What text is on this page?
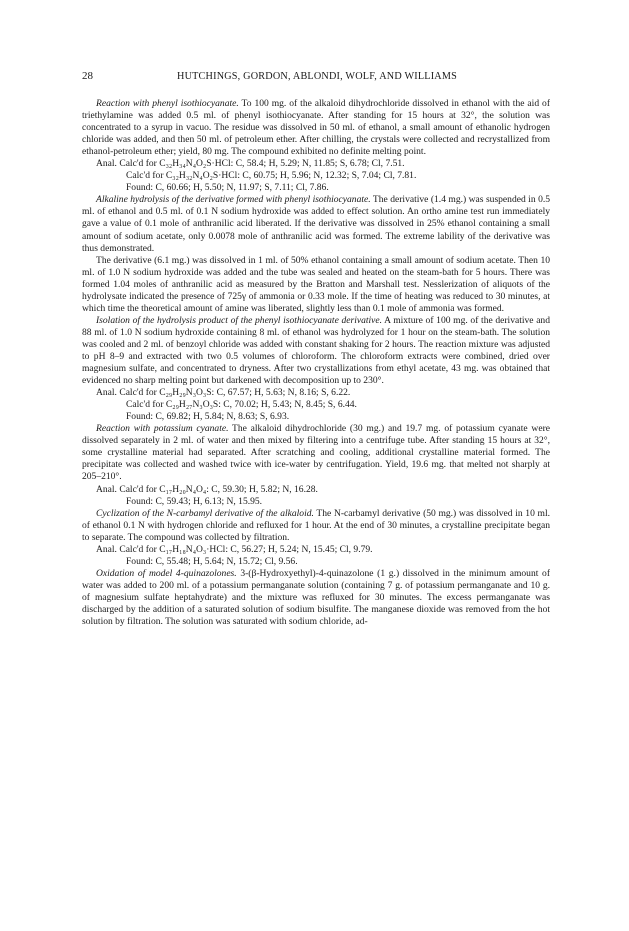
28	HUTCHINGS, GORDON, ABLONDI, WOLF, AND WILLIAMS

Reaction with phenyl isothiocyanate. To 100 mg. of the alkaloid dihydrochloride dissolved in ethanol with the aid of triethylamine was added 0.5 ml. of phenyl isothiocyanate. After standing for 15 hours at 32°, the solution was concentrated to a syrup in vacuo. The residue was dissolved in 50 ml. of ethanol, a small amount of ethanolic hydrogen chloride was added, and then 50 ml. of petroleum ether. After chilling, the crystals were collected and recrystallized from ethanol-petroleum ether; yield, 80 mg. The compound exhibited no definite melting point.

Anal. Calc'd for C₃₂H₃₄N₄O₂S·HCl: C, 58.4; H, 5.29; N, 11.85; S, 6.78; Cl, 7.51.

Calc'd for C₃₂H₃₂N₄O₂S·HCl: C, 60.75; H, 5.96; N, 12.32; S, 7.04; Cl, 7.81.

Found: C, 60.66; H, 5.50; N, 11.97; S, 7.11; Cl, 7.86.

Alkaline hydrolysis of the derivative formed with phenyl isothiocyanate. The derivative (1.4 mg.) was suspended in 0.5 ml. of ethanol and 0.5 ml. of 0.1 N sodium hydroxide was added to effect solution. An ortho amine test run immediately gave a value of 0.1 mole of anthranilic acid liberated. If the derivative was dissolved in 25% ethanol containing a small amount of sodium acetate, only 0.0078 mole of anthranilic acid was formed. The extreme lability of the derivative was thus demonstrated.

The derivative (6.1 mg.) was dissolved in 1 ml. of 50% ethanol containing a small amount of sodium acetate. Then 10 ml. of 1.0 N sodium hydroxide was added and the tube was sealed and heated on the steam-bath for 5 hours. There was formed 1.04 moles of anthranilic acid as measured by the Bratton and Marshall test. Nesslerization of aliquots of the hydrolysate indicated the presence of 725γ of ammonia or 0.33 mole. If the time of heating was reduced to 30 minutes, at which time the theoretical amount of amine was liberated, slightly less than 0.1 mole of ammonia was formed.

Isolation of the hydrolysis product of the phenyl isothiocyanate derivative. A mixture of 100 mg. of the derivative and 88 ml. of 1.0 N sodium hydroxide containing 8 ml. of ethanol was hydrolyzed for 1 hour on the steam-bath. The solution was cooled and 2 ml. of benzoyl chloride was added with constant shaking for 2 hours. The reaction mixture was adjusted to pH 8–9 and extracted with two 0.5 volumes of chloroform. The chloroform extracts were combined, dried over magnesium sulfate, and concentrated to dryness. After two crystallizations from ethyl acetate, 43 mg. was obtained that evidenced no sharp melting point but darkened with decomposition up to 230°.

Anal. Calc'd for C₂₉H₂₉N₃O₃S: C, 67.57; H, 5.63; N, 8.16; S, 6.22.

Calc'd for C₂₉H₂₇N₃O₃S: C, 70.02; H, 5.43; N, 8.45; S, 6.44.

Found: C, 69.82; H, 5.84; N, 8.63; S, 6.93.

Reaction with potassium cyanate. The alkaloid dihydrochloride (30 mg.) and 19.7 mg. of potassium cyanate were dissolved separately in 2 ml. of water and then mixed by filtering into a centrifuge tube. After standing 15 hours at 32°, some crystalline material had separated. After scratching and cooling, additional crystalline material formed. The precipitate was collected and washed twice with ice-water by centrifugation. Yield, 19.6 mg. that melted not sharply at 205–210°.

Anal. Calc'd for C₁₇H₂₀N₄O₄: C, 59.30; H, 5.82; N, 16.28.

Found: C, 59.43; H, 6.13; N, 15.95.

Cyclization of the N-carbamyl derivative of the alkaloid. The N-carbamyl derivative (50 mg.) was dissolved in 10 ml. of ethanol 0.1 N with hydrogen chloride and refluxed for 1 hour. At the end of 30 minutes, a crystalline precipitate began to separate. The compound was collected by filtration.

Anal. Calc'd for C₁₇H₁₈N₄O₃·HCl: C, 56.27; H, 5.24; N, 15.45; Cl, 9.79.

Found: C, 55.48; H, 5.64; N, 15.72; Cl, 9.56.

Oxidation of model 4-quinazolones. 3-(β-Hydroxyethyl)-4-quinazolone (1 g.) dissolved in the minimum amount of water was added to 200 ml. of a potassium permanganate solution (containing 7 g. of potassium permanganate and 10 g. of magnesium sulfate heptahydrate) and the mixture was refluxed for 30 minutes. The excess permanganate was discharged by the addition of a saturated solution of sodium bisulfite. The manganese dioxide was removed from the hot solution by filtration. The solution was saturated with sodium chloride, ad-
